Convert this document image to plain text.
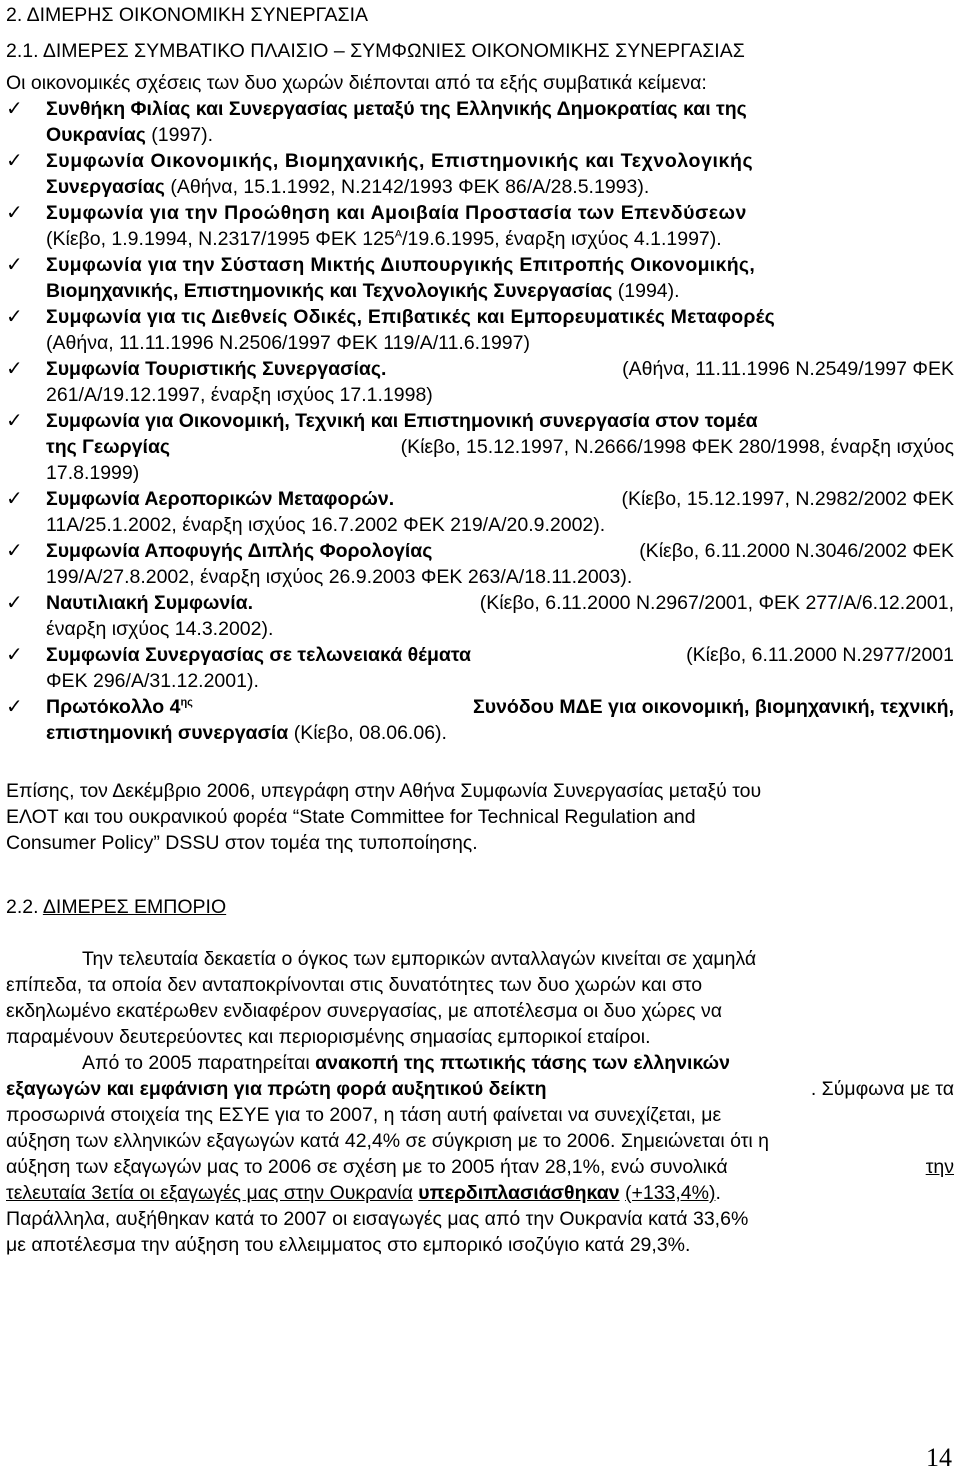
2. ΔΙΜΕΡΗΣ ΟΙΚΟΝΟΜΙΚΗ ΣΥΝΕΡΓΑΣΙΑ
2.1. ΔΙΜΕΡΕΣ ΣΥΜΒΑΤΙΚΟ ΠΛΑΙΣΙΟ – ΣΥΜΦΩΝΙΕΣ ΟΙΚΟΝΟΜΙΚΗΣ ΣΥΝΕΡΓΑΣΙΑΣ
Οι οικονομικές σχέσεις των δυο χωρών διέπονται από τα εξής συμβατικά κείμενα:
✓ Συνθήκη Φιλίας και Συνεργασίας μεταξύ της Ελληνικής Δημοκρατίας και της
Ουκρανίας (1997).
✓ Συμφωνία Οικονομικής, Βιομηχανικής, Επιστημονικής και Τεχνολογικής
Συνεργασίας (Αθήνα, 15.1.1992, Ν.2142/1993 ΦΕΚ 86/Α/28.5.1993).
✓ Συμφωνία για την Προώθηση και Αμοιβαία Προστασία των Επενδύσεων
(Κίεβο, 1.9.1994, Ν.2317/1995 ΦΕΚ $125^A/19.6.1995$, έναρξη ισχύος 4.1.1997).
✓ Συμφωνία για την Σύσταση Μικτής Διυπουργικής Επιτροπής Οικονομικής,
Βιομηχανικής, Επιστημονικής και Τεχνολογικής Συνεργασίας (1994).
✓ Συμφωνία για τις Διεθνείς Οδικές, Επιβατικές και Εμπορευματικές Μεταφορές
(Αθήνα, 11.11.1996 Ν.2506/1997 ΦΕΚ 119/Α/11.6.1997)
✓ Συμφωνία Τουριστικής Συνεργασίας.	(Αθήνα, 11.11.1996 Ν.2549/1997 ΦΕΚ
261/Α/19.12.1997, έναρξη ισχύος 17.1.1998)
✓ Συμφωνία για Οικονομική, Τεχνική και Επιστημονική συνεργασία στον τομέα
της Γεωργίας	(Κίεβο, 15.12.1997, Ν.2666/1998 ΦΕΚ 280/1998, έναρξη ισχύος
17.8.1999)
✓ Συμφωνία Αεροπορικών Μεταφορών.	(Κίεβο, 15.12.1997, Ν.2982/2002 ΦΕΚ
11Α/25.1.2002, έναρξη ισχύος 16.7.2002 ΦΕΚ 219/Α/20.9.2002).
✓ Συμφωνία Αποφυγής Διπλής Φορολογίας	(Κίεβο, 6.11.2000 Ν.3046/2002 ΦΕΚ
199/Α/27.8.2002, έναρξη ισχύος 26.9.2003 ΦΕΚ 263/Α/18.11.2003).
✓ Ναυτιλιακή Συμφωνία.	(Κίεβο, 6.11.2000 Ν.2967/2001, ΦΕΚ 277/Α/6.12.2001,
έναρξη ισχύος 14.3.2002).
✓ Συμφωνία Συνεργασίας σε τελωνειακά θέματα	(Κίεβο, 6.11.2000 Ν.2977/2001
ΦΕΚ 296/Α/31.12.2001).
✓ Πρωτόκολλο $4^{\eta\varsigma}$	Συνόδου ΜΔΕ για οικονομική, βιομηχανική, τεχνική,
επιστημονική συνεργασία (Κίεβο, 08.06.06).
Επίσης, τον Δεκέμβριο 2006, υπεγράφη στην Αθήνα Συμφωνία Συνεργασίας μεταξύ του
ΕΛΟΤ και του ουκρανικού φορέα “State Committee for Technical Regulation and
Consumer Policy” DSSU στον τομέα της τυποποίησης.
2.2. ΔΙΜΕΡΕΣ ΕΜΠΟΡΙΟ
Την τελευταία δεκαετία ο όγκος των εμπορικών ανταλλαγών κινείται σε χαμηλά
επίπεδα, τα οποία δεν ανταποκρίνονται στις δυνατότητες των δυο χωρών και στο
εκδηλωμένο εκατέρωθεν ενδιαφέρον συνεργασίας, με αποτέλεσμα οι δυο χώρες να
παραμένουν δευτερεύοντες και περιορισμένης σημασίας εμπορικοί εταίροι.
Από το 2005 παρατηρείται ανακοπή της πτωτικής τάσης των ελληνικών
εξαγωγών και εμφάνιση για πρώτη φορά αυξητικού δείκτη	. Σύμφωνα με τα
προσωρινά στοιχεία της ΕΣΥΕ για το 2007, η τάση αυτή φαίνεται να συνεχίζεται, με
αύξηση των ελληνικών εξαγωγών κατά 42,4% σε σύγκριση με το 2006. Σημειώνεται ότι η
αύξηση των εξαγωγών μας το 2006 σε σχέση με το 2005 ήταν 28,1%, ενώ συνολικά	την
τελευταία 3ετία οι εξαγωγές μας στην Ουκρανία υπερδιπλασιάσθηκαν (+133,4%).
Παράλληλα, αυξήθηκαν κατά το 2007 οι εισαγωγές μας από την Ουκρανία κατά 33,6%
με αποτέλεσμα την αύξηση του ελλειμματος στο εμπορικό ισοζύγιο κατά 29,3%.
14
